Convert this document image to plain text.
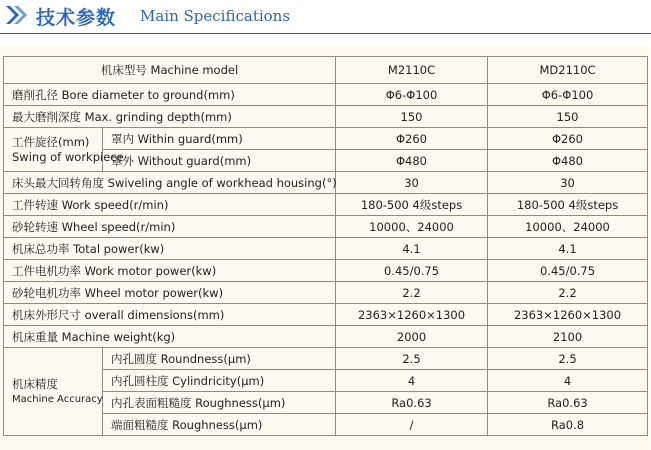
技术参数 Main Specifications
机床型号 Machine model		M2110C	MD2110C
磨削孔径 Bore diameter to ground(mm)		Φ6-Φ100	Φ6-Φ100
最大磨削深度 Max. grinding depth(mm)		150	150

工件旋径(mm)
Swing of workpiece	罩内 Within guard(mm)	Φ260	Φ260
	罩外 Without guard(mm)	Φ480	Φ480
床头最大回转角度 Swiveling angle of workhead housing(°)		30	30
工件转速 Work speed(r/min)		180-500 4级steps	180-500 4级steps
砂轮转速 Wheel speed(r/min)		10000、24000	10000、24000
机床总功率 Total power(kw)		4.1	4.1
工件电机功率 Work motor power(kw)		0.45/0.75	0.45/0.75
砂轮电机功率 Wheel motor power(kw)		2.2	2.2
机床外形尺寸 overall dimensions(mm)		2363×1260×1300	2363×1260×1300
机床重量 Machine weight(kg)		2000	2100

机床精度
Machine Accuracy	内孔圆度 Roundness(μm)	2.5	2.5
	内孔圆柱度 Cylindricity(μm)	4	4
	内孔表面粗糙度 Roughness(μm)	Ra0.63	Ra0.63
	端面粗糙度 Roughness(μm)	/	Ra0.8
